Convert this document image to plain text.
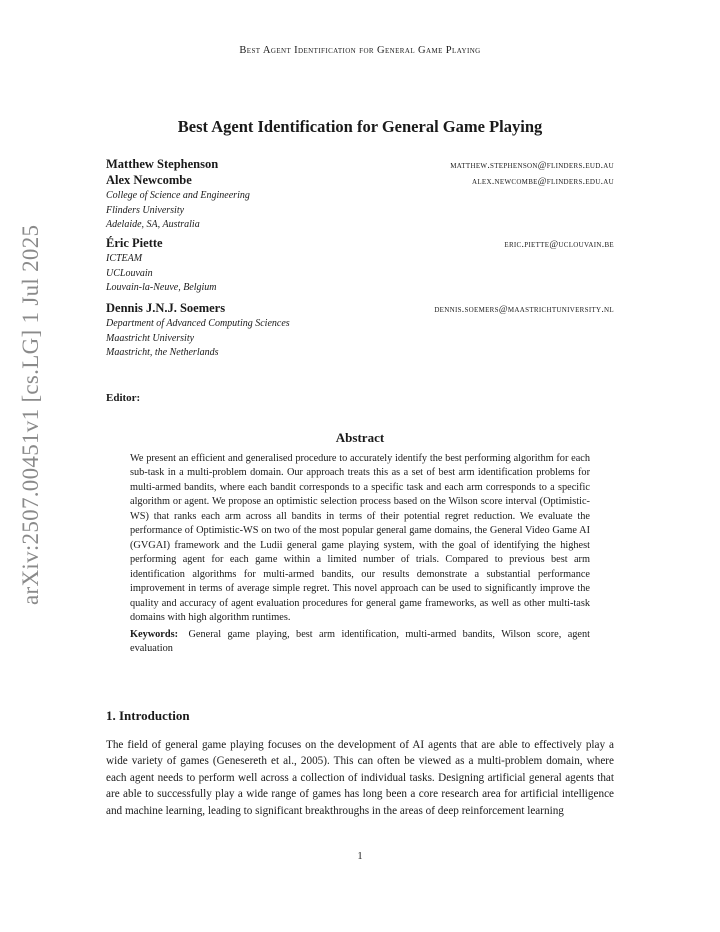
Best Agent Identification for General Game Playing
arXiv:2507.00451v1 [cs.LG] 1 Jul 2025
Best Agent Identification for General Game Playing
Matthew Stephenson	matthew.stephenson@flinders.eud.au
Alex Newcombe	alex.newcombe@flinders.edu.au
College of Science and Engineering
Flinders University
Adelaide, SA, Australia
Éric Piette	eric.piette@uclouvain.be
ICTEAM
UCLouvain
Louvain-la-Neuve, Belgium
Dennis J.N.J. Soemers	dennis.soemers@maastrichtuniversity.nl
Department of Advanced Computing Sciences
Maastricht University
Maastricht, the Netherlands
Editor:
Abstract
We present an efficient and generalised procedure to accurately identify the best performing algorithm for each sub-task in a multi-problem domain. Our approach treats this as a set of best arm identification problems for multi-armed bandits, where each bandit corresponds to a specific task and each arm corresponds to a specific algorithm or agent. We propose an optimistic selection process based on the Wilson score interval (Optimistic-WS) that ranks each arm across all bandits in terms of their potential regret reduction. We evaluate the performance of Optimistic-WS on two of the most popular general game domains, the General Video Game AI (GVGAI) framework and the Ludii general game playing system, with the goal of identifying the highest performing agent for each game within a limited number of trials. Compared to previous best arm identification algorithms for multi-armed bandits, our results demonstrate a substantial performance improvement in terms of average simple regret. This novel approach can be used to significantly improve the quality and accuracy of agent evaluation procedures for general game frameworks, as well as other multi-task domains with high algorithm runtimes.
Keywords: General game playing, best arm identification, multi-armed bandits, Wilson score, agent evaluation
1. Introduction
The field of general game playing focuses on the development of AI agents that are able to effectively play a wide variety of games (Genesereth et al., 2005). This can often be viewed as a multi-problem domain, where each agent needs to perform well across a collection of individual tasks. Designing artificial general agents that are able to successfully play a wide range of games has long been a core research area for artificial intelligence and machine learning, leading to significant breakthroughs in the areas of deep reinforcement learning
1
